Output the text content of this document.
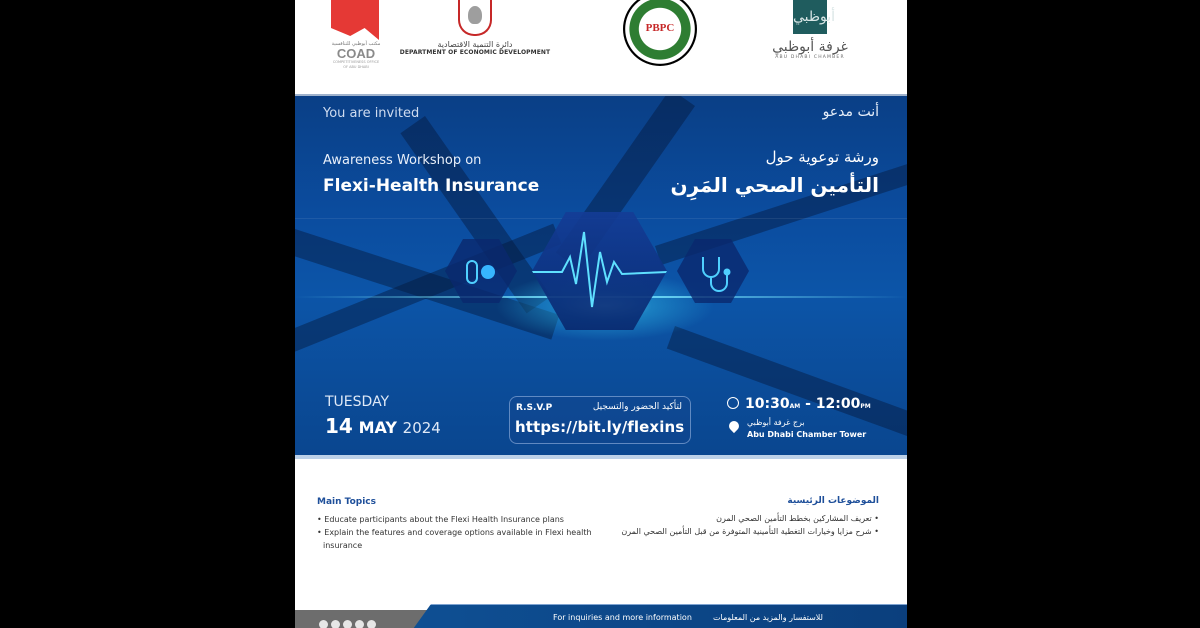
مكتب أبوظبي للتنافسية
COAD
COMPETITIVENESS OFFICE OF ABU DHABI
دائرة التنمية الاقتصادية
DEPARTMENT OF ECONOMIC DEVELOPMENT
PBPC
أبوظبي
غرفة أبوظبي
ABU DHABI CHAMBER
You are invited	أنت مدعو
Awareness Workshop on
Flexi-Health Insurance
ورشة توعوية حول
التأمين الصحي المَرِن
TUESDAY
14 MAY 2024
R.S.V.P	لتأكيد الحضور والتسجيل
https://bit.ly/flexins
10:30AM - 12:00PM
برج غرفة أبوظبي
Abu Dhabi Chamber Tower
Main Topics
• Educate participants about the Flexi Health Insurance plans
• Explain the features and coverage options available in Flexi health insurance
الموضوعات الرئيسية
• تعريف المشاركين بخطط التأمين الصحي المرن
• شرح مزايا وخيارات التغطية التأمينية المتوفرة من قبل التأمين الصحي المرن
For inquiries and more information	للاستفسار والمزيد من المعلومات
